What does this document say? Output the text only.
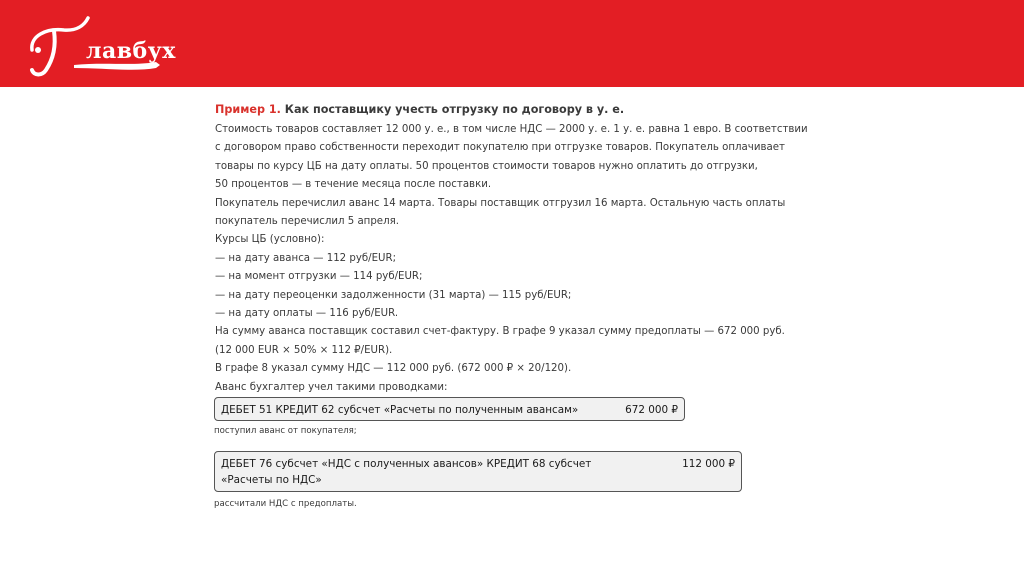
лавбух
Пример 1. Как поставщику учесть отгрузку по договору в у. е.
Стоимость товаров составляет 12 000 у. е., в том числе НДС — 2000 у. е. 1 у. е. равна 1 евро. В соответствии
с договором право собственности переходит покупателю при отгрузке товаров. Покупатель оплачивает
товары по курсу ЦБ на дату оплаты. 50 процентов стоимости товаров нужно оплатить до отгрузки,
50 процентов — в течение месяца после поставки.
Покупатель перечислил аванс 14 марта. Товары поставщик отгрузил 16 марта. Остальную часть оплаты
покупатель перечислил 5 апреля.
Курсы ЦБ (условно):
— на дату аванса — 112 руб/EUR;
— на момент отгрузки — 114 руб/EUR;
— на дату переоценки задолженности (31 марта) — 115 руб/EUR;
— на дату оплаты — 116 руб/EUR.
На сумму аванса поставщик составил счет-фактуру. В графе 9 указал сумму предоплаты — 672 000 руб.
(12 000 EUR × 50% × 112 ₽/EUR).
В графе 8 указал сумму НДС — 112 000 руб. (672 000 ₽ × 20/120).
Аванс бухгалтер учел такими проводками:
ДЕБЕТ 51 КРЕДИТ 62 субсчет «Расчеты по полученным авансам»	672 000 ₽
поступил аванс от покупателя;
ДЕБЕТ 76 субсчет «НДС с полученных авансов» КРЕДИТ 68 субсчет
«Расчеты по НДС»
112 000 ₽
рассчитали НДС с предоплаты.
